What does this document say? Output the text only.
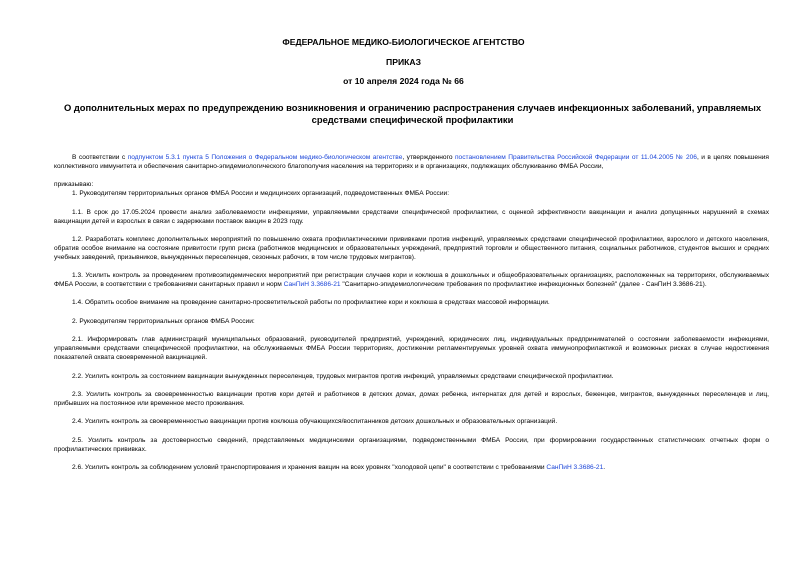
ФЕДЕРАЛЬНОЕ МЕДИКО-БИОЛОГИЧЕСКОЕ АГЕНТСТВО
ПРИКАЗ
от 10 апреля 2024 года № 66
О дополнительных мерах по предупреждению возникновения и ограничению распространения случаев инфекционных заболеваний, управляемых средствами специфической профилактики

В соответствии с подпунктом 5.3.1 пункта 5 Положения о Федеральном медико-биологическом агентстве, утвержденного постановлением Правительства Российской Федерации от 11.04.2005 № 206, и в целях повышения коллективного иммунитета и обеспечения санитарно-эпидемиологического благополучия населения на территориях и в организациях, подлежащих обслуживанию ФМБА России,

приказываю:

1. Руководителям территориальных органов ФМБА России и медицинских организаций, подведомственных ФМБА России:

1.1. В срок до 17.05.2024 провести анализ заболеваемости инфекциями, управляемыми средствами специфической профилактики, с оценкой эффективности вакцинации и анализ допущенных нарушений в схемах вакцинации детей и взрослых в связи с задержками поставок вакцин в 2023 году.

1.2. Разработать комплекс дополнительных мероприятий по повышению охвата профилактическими прививками против инфекций, управляемых средствами специфической профилактики, взрослого и детского населения, обратив особое внимание на состояние привитости групп риска (работников медицинских и образовательных учреждений, предприятий торговли и общественного питания, социальных работников, студентов высших и средних учебных заведений, призывников, вынужденных переселенцев, сезонных рабочих, в том числе трудовых мигрантов).

1.3. Усилить контроль за проведением противоэпидемических мероприятий при регистрации случаев кори и коклюша в дошкольных и общеобразовательных организациях, расположенных на территориях, обслуживаемых ФМБА России, в соответствии с требованиями санитарных правил и норм СанПиН 3.3686-21 "Санитарно-эпидемиологические требования по профилактике инфекционных болезней" (далее - СанПиН 3.3686-21).

1.4. Обратить особое внимание на проведение санитарно-просветительской работы по профилактике кори и коклюша в средствах массовой информации.

2. Руководителям территориальных органов ФМБА России:

2.1. Информировать глав администраций муниципальных образований, руководителей предприятий, учреждений, юридических лиц, индивидуальных предпринимателей о состоянии заболеваемости инфекциями, управляемыми средствами специфической профилактики, на обслуживаемых ФМБА России территориях, достижении регламентируемых уровней охвата иммунопрофилактикой и возможных рисках в случае недостижения показателей охвата своевременной вакцинацией.

2.2. Усилить контроль за состоянием вакцинации вынужденных переселенцев, трудовых мигрантов против инфекций, управляемых средствами специфической профилактики.

2.3. Усилить контроль за своевременностью вакцинации против кори детей и работников в детских домах, домах ребенка, интернатах для детей и взрослых, беженцев, мигрантов, вынужденных переселенцев и лиц, прибывших на постоянное или временное место проживания.

2.4. Усилить контроль за своевременностью вакцинации против коклюша обучающихся/воспитанников детских дошкольных и образовательных организаций.

2.5. Усилить контроль за достоверностью сведений, представляемых медицинскими организациями, подведомственными ФМБА России, при формировании государственных статистических отчетных форм о профилактических прививках.

2.6. Усилить контроль за соблюдением условий транспортирования и хранения вакцин на всех уровнях "холодовой цепи" в соответствии с требованиями СанПиН 3.3686-21.
